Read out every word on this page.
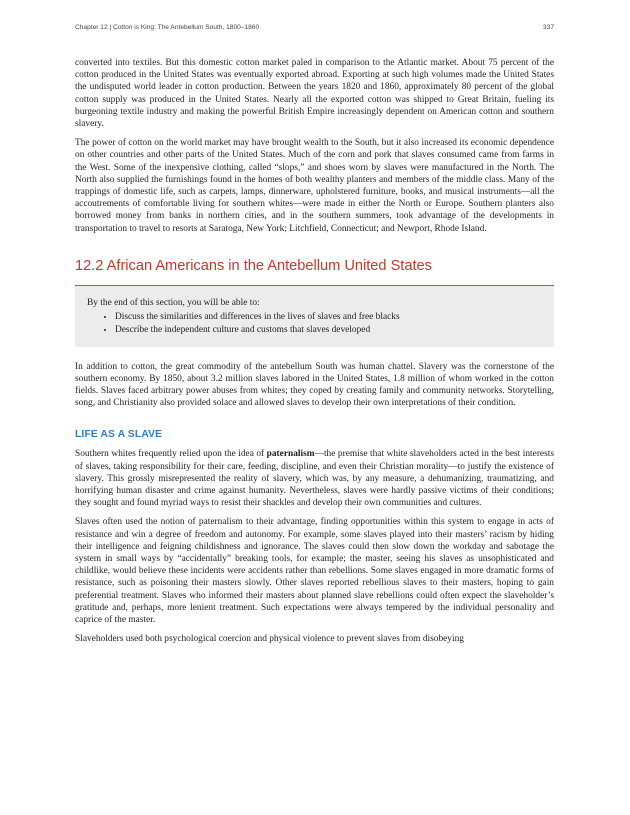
Chapter 12 | Cotton is King: The Antebellum South, 1800–1860	337

converted into textiles. But this domestic cotton market paled in comparison to the Atlantic market. About 75 percent of the cotton produced in the United States was eventually exported abroad. Exporting at such high volumes made the United States the undisputed world leader in cotton production. Between the years 1820 and 1860, approximately 80 percent of the global cotton supply was produced in the United States. Nearly all the exported cotton was shipped to Great Britain, fueling its burgeoning textile industry and making the powerful British Empire increasingly dependent on American cotton and southern slavery.

The power of cotton on the world market may have brought wealth to the South, but it also increased its economic dependence on other countries and other parts of the United States. Much of the corn and pork that slaves consumed came from farms in the West. Some of the inexpensive clothing, called “slops,” and shoes worn by slaves were manufactured in the North. The North also supplied the furnishings found in the homes of both wealthy planters and members of the middle class. Many of the trappings of domestic life, such as carpets, lamps, dinnerware, upholstered furniture, books, and musical instruments—all the accoutrements of comfortable living for southern whites—were made in either the North or Europe. Southern planters also borrowed money from banks in northern cities, and in the southern summers, took advantage of the developments in transportation to travel to resorts at Saratoga, New York; Litchfield, Connecticut; and Newport, Rhode Island.

12.2 African Americans in the Antebellum United States
By the end of this section, you will be able to:
• Discuss the similarities and differences in the lives of slaves and free blacks
• Describe the independent culture and customs that slaves developed

In addition to cotton, the great commodity of the antebellum South was human chattel. Slavery was the cornerstone of the southern economy. By 1850, about 3.2 million slaves labored in the United States, 1.8 million of whom worked in the cotton fields. Slaves faced arbitrary power abuses from whites; they coped by creating family and community networks. Storytelling, song, and Christianity also provided solace and allowed slaves to develop their own interpretations of their condition.

LIFE AS A SLAVE

Southern whites frequently relied upon the idea of paternalism—the premise that white slaveholders acted in the best interests of slaves, taking responsibility for their care, feeding, discipline, and even their Christian morality—to justify the existence of slavery. This grossly misrepresented the reality of slavery, which was, by any measure, a dehumanizing, traumatizing, and horrifying human disaster and crime against humanity. Nevertheless, slaves were hardly passive victims of their conditions; they sought and found myriad ways to resist their shackles and develop their own communities and cultures.

Slaves often used the notion of paternalism to their advantage, finding opportunities within this system to engage in acts of resistance and win a degree of freedom and autonomy. For example, some slaves played into their masters’ racism by hiding their intelligence and feigning childishness and ignorance. The slaves could then slow down the workday and sabotage the system in small ways by “accidentally” breaking tools, for example; the master, seeing his slaves as unsophisticated and childlike, would believe these incidents were accidents rather than rebellions. Some slaves engaged in more dramatic forms of resistance, such as poisoning their masters slowly. Other slaves reported rebellious slaves to their masters, hoping to gain preferential treatment. Slaves who informed their masters about planned slave rebellions could often expect the slaveholder’s gratitude and, perhaps, more lenient treatment. Such expectations were always tempered by the individual personality and caprice of the master.

Slaveholders used both psychological coercion and physical violence to prevent slaves from disobeying
